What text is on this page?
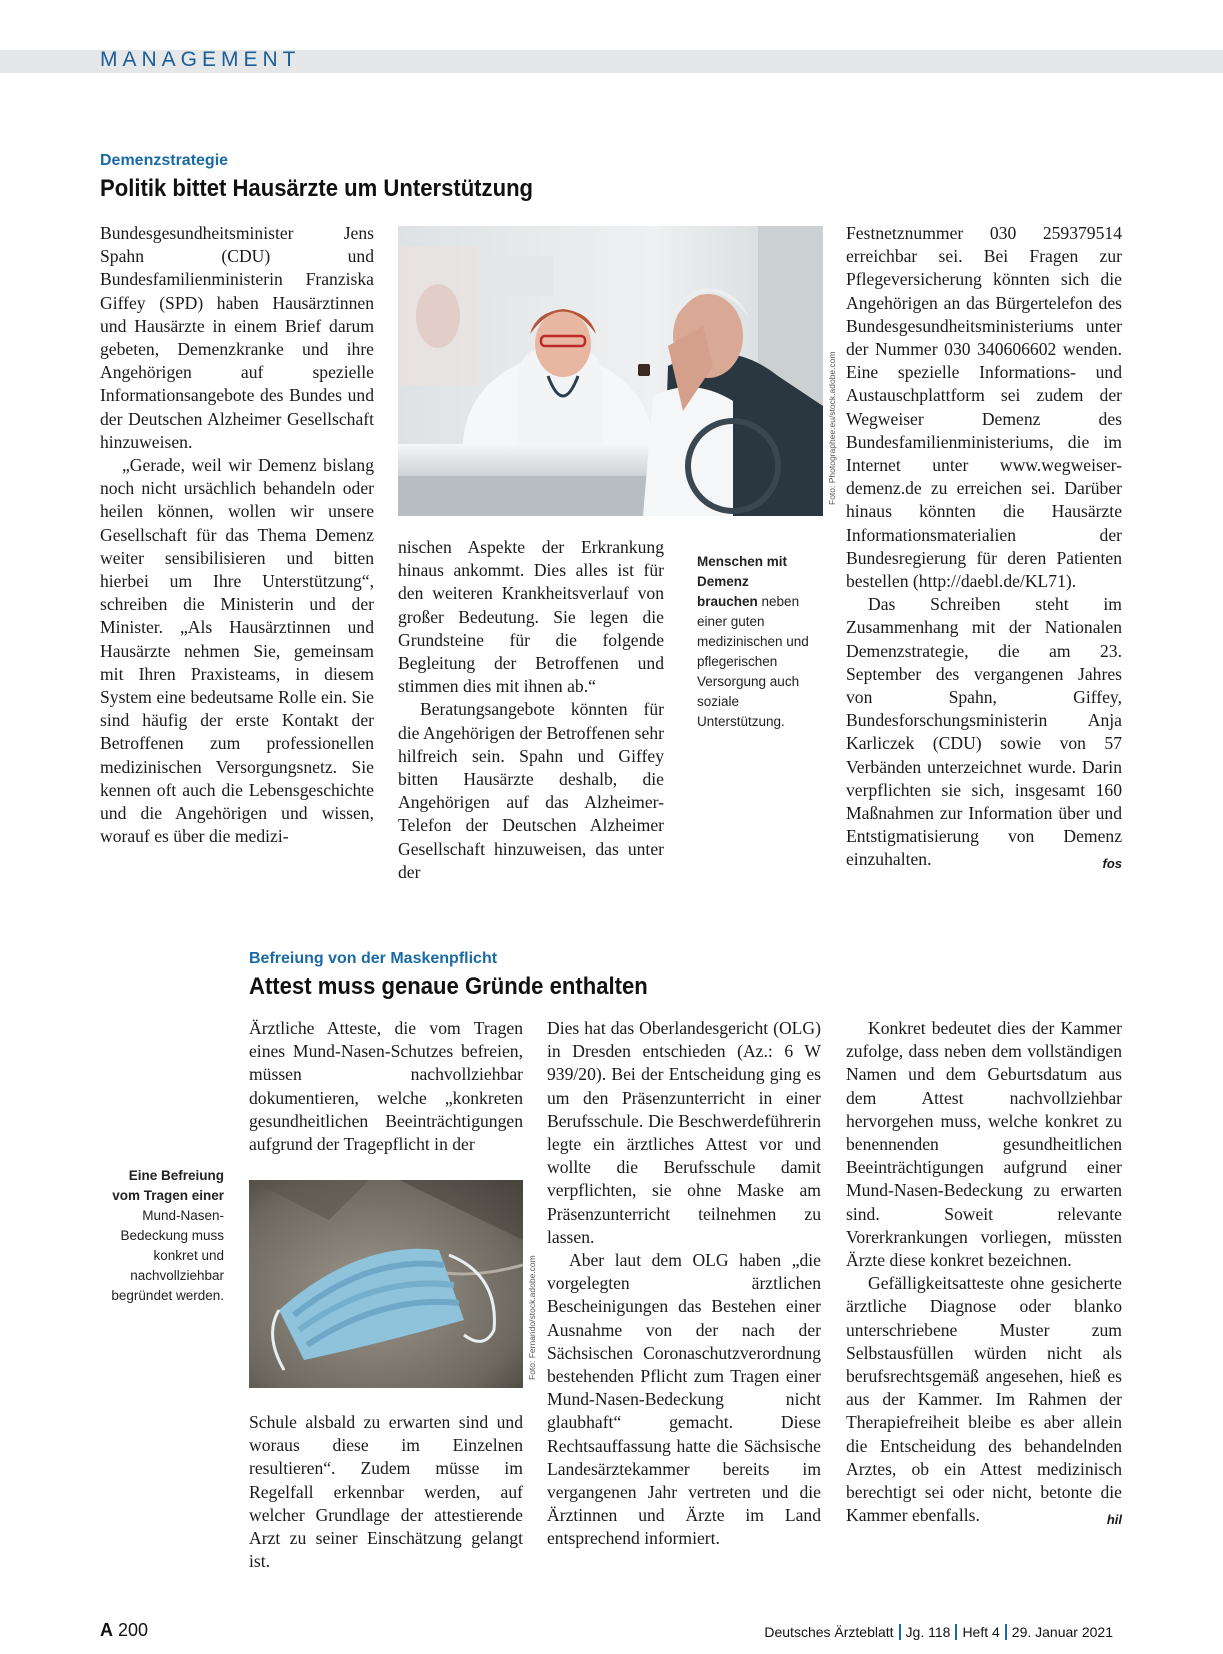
MANAGEMENT
Demenzstrategie
Politik bittet Hausärzte um Unterstützung

Bundesgesundheitsminister Jens Spahn (CDU) und Bundesfamilienministerin Franziska Giffey (SPD) haben Hausärztinnen und Hausärzte in einem Brief darum gebeten, Demenzkranke und ihre Angehörigen auf spezielle Informationsangebote des Bundes und der Deutschen Alzheimer Gesellschaft hinzuweisen.

„Gerade, weil wir Demenz bislang noch nicht ursächlich behandeln oder heilen können, wollen wir unsere Gesellschaft für das Thema Demenz weiter sensibilisieren und bitten hierbei um Ihre Unterstützung“, schreiben die Ministerin und der Minister. „Als Hausärztinnen und Hausärzte nehmen Sie, gemeinsam mit Ihren Praxisteams, in diesem System eine bedeutsame Rolle ein. Sie sind häufig der erste Kontakt der Betroffenen zum professionellen medizinischen Versorgungsnetz. Sie kennen oft auch die Lebensgeschichte und die Angehörigen und wissen, worauf es über die medizi-

Foto: Photographee.eu/stock.adobe.com

nischen Aspekte der Erkrankung hinaus ankommt. Dies alles ist für den weiteren Krankheitsverlauf von großer Bedeutung. Sie legen die Grundsteine für die folgende Begleitung der Betroffenen und stimmen dies mit ihnen ab.“

Beratungsangebote könnten für die Angehörigen der Betroffenen sehr hilfreich sein. Spahn und Giffey bitten Hausärzte deshalb, die Angehörigen auf das Alzheimer-Telefon der Deutschen Alzheimer Gesellschaft hinzuweisen, das unter der

Menschen mit Demenz brauchen neben einer guten medizinischen und pflegerischen Versorgung auch soziale Unterstützung.

Festnetznummer 030 259379514 erreichbar sei. Bei Fragen zur Pflegeversicherung könnten sich die Angehörigen an das Bürgertelefon des Bundesgesundheitsministeriums unter der Nummer 030 340606602 wenden. Eine spezielle Informations- und Austauschplattform sei zudem der Wegweiser Demenz des Bundesfamilienministeriums, die im Internet unter www.wegweiser-demenz.de zu erreichen sei. Darüber hinaus könnten die Hausärzte Informationsmaterialien der Bundesregierung für deren Patienten bestellen (http://daebl.de/KL71).

Das Schreiben steht im Zusammenhang mit der Nationalen Demenzstrategie, die am 23. September des vergangenen Jahres von Spahn, Giffey, Bundesforschungsministerin Anja Karliczek (CDU) sowie von 57 Verbänden unterzeichnet wurde. Darin verpflichten sie sich, insgesamt 160 Maßnahmen zur Information über und Entstigmatisierung von Demenz einzuhalten.	fos

Befreiung von der Maskenpflicht
Attest muss genaue Gründe enthalten

Ärztliche Atteste, die vom Tragen eines Mund-Nasen-Schutzes befreien, müssen nachvollziehbar dokumentieren, welche „konkreten gesundheitlichen Beeinträchtigungen aufgrund der Tragepflicht in der

Foto: Fernando/stock.adobe.com
Eine Befreiung vom Tragen einer Mund-Nasen-Bedeckung muss konkret und nachvollziehbar begründet werden.

Schule alsbald zu erwarten sind und woraus diese im Einzelnen resultieren“. Zudem müsse im Regelfall erkennbar werden, auf welcher Grundlage der attestierende Arzt zu seiner Einschätzung gelangt ist.

Dies hat das Oberlandesgericht (OLG) in Dresden entschieden (Az.: 6 W 939/20). Bei der Entscheidung ging es um den Präsenzunterricht in einer Berufsschule. Die Beschwerdeführerin legte ein ärztliches Attest vor und wollte die Berufsschule damit verpflichten, sie ohne Maske am Präsenzunterricht teilnehmen zu lassen.

Aber laut dem OLG haben „die vorgelegten ärztlichen Bescheinigungen das Bestehen einer Ausnahme von der nach der Sächsischen Coronaschutzverordnung bestehenden Pflicht zum Tragen einer Mund-Nasen-Bedeckung nicht glaubhaft“ gemacht. Diese Rechtsauffassung hatte die Sächsische Landesärztekammer bereits im vergangenen Jahr vertreten und die Ärztinnen und Ärzte im Land entsprechend informiert.

Konkret bedeutet dies der Kammer zufolge, dass neben dem vollständigen Namen und dem Geburtsdatum aus dem Attest nachvollziehbar hervorgehen muss, welche konkret zu benennenden gesundheitlichen Beeinträchtigungen aufgrund einer Mund-Nasen-Bedeckung zu erwarten sind. Soweit relevante Vorerkrankungen vorliegen, müssten Ärzte diese konkret bezeichnen.

Gefälligkeitsatteste ohne gesicherte ärztliche Diagnose oder blanko unterschriebene Muster zum Selbstausfüllen würden nicht als berufsrechtsgemäß angesehen, hieß es aus der Kammer. Im Rahmen der Therapiefreiheit bleibe es aber allein die Entscheidung des behandelnden Arztes, ob ein Attest medizinisch berechtigt sei oder nicht, betonte die Kammer ebenfalls.	hil

A 200	Deutsches Ärzteblatt Jg. 118 Heft 4 29. Januar 2021
